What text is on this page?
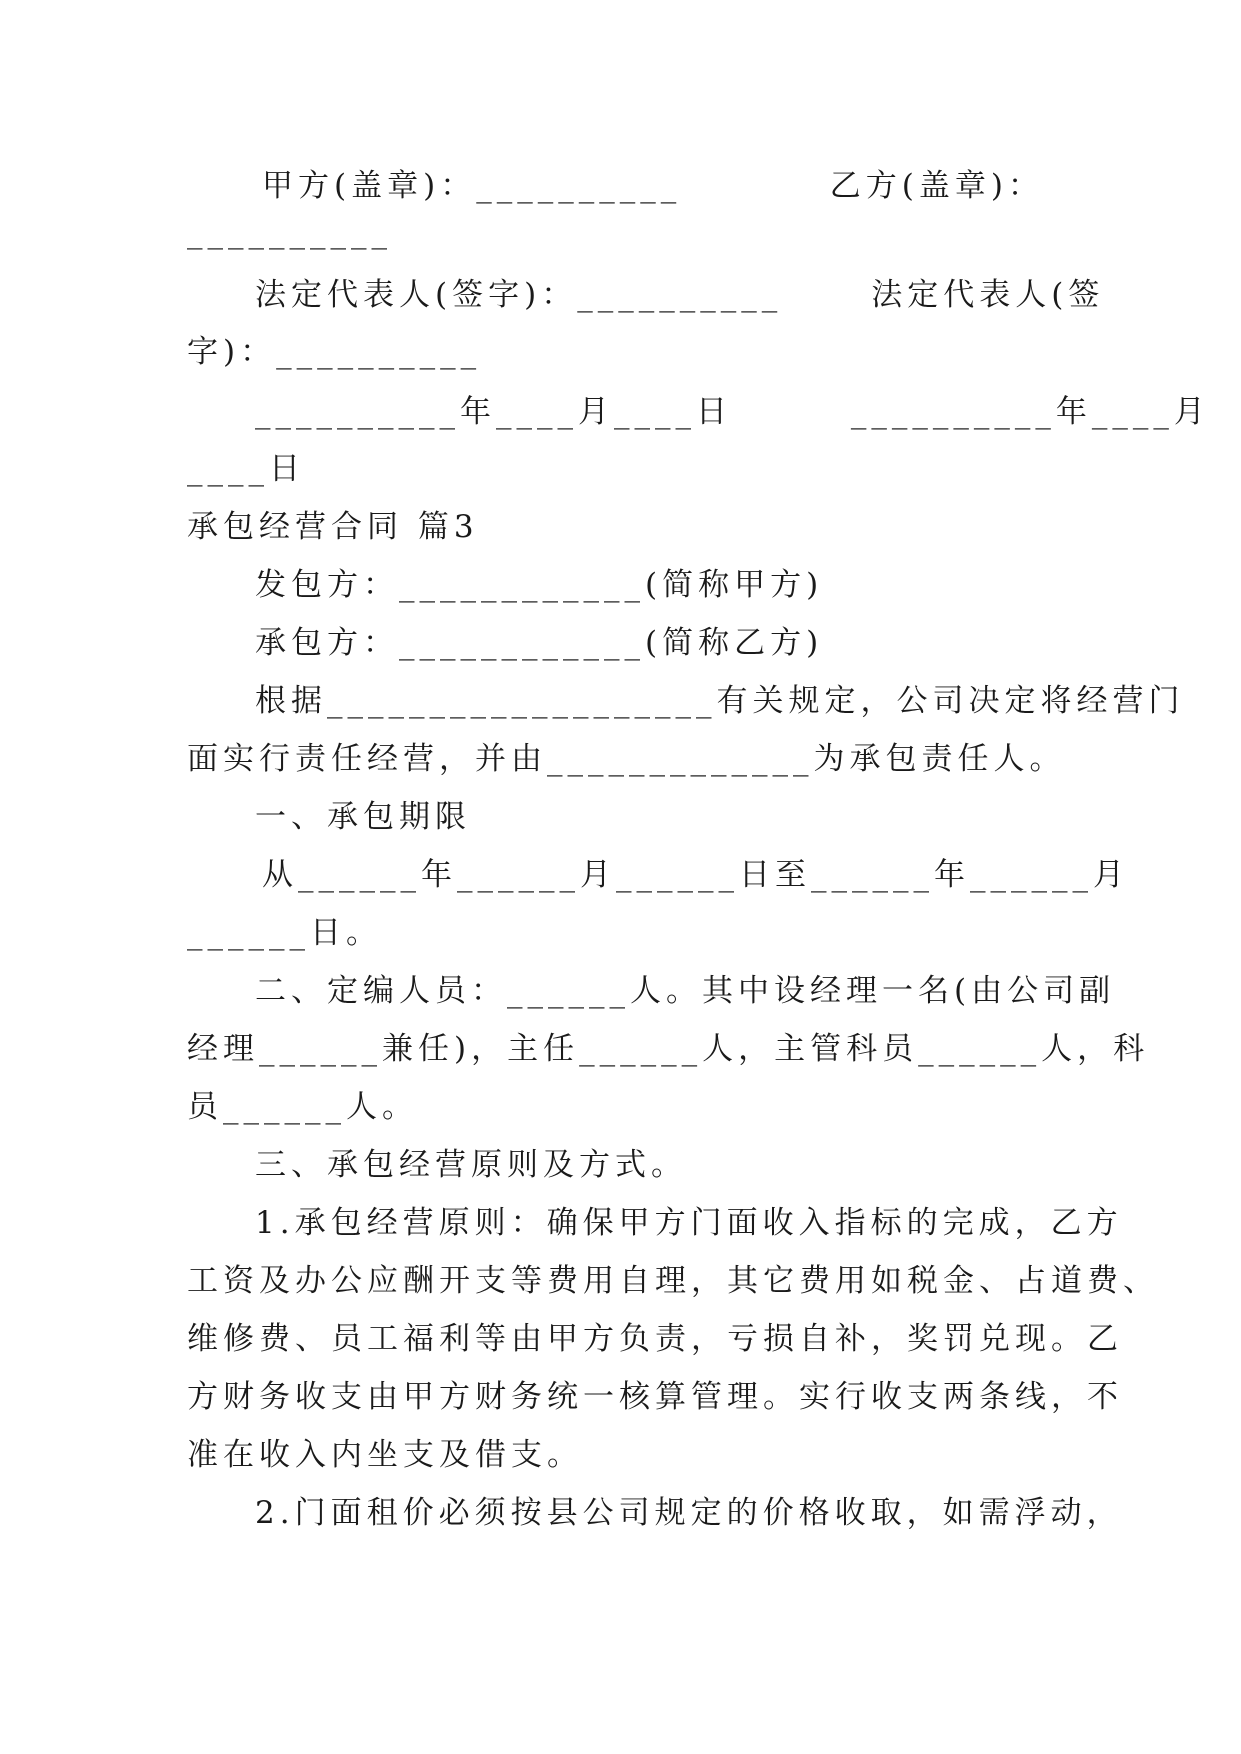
甲方(盖章)：__________          乙方(盖章)：
__________
法定代表人(签字)：__________      法定代表人(签
字)：__________
__________年____月____日        __________年____月
____日
承包经营合同 篇3
发包方：____________(简称甲方)
承包方：____________(简称乙方)
根据___________________有关规定，公司决定将经营门
面实行责任经营，并由_____________为承包责任人。
一、承包期限
从______年______月______日至______年______月
______日。
二、定编人员：______人。其中设经理一名(由公司副
经理______兼任)，主任______人，主管科员______人，科
员______人。
三、承包经营原则及方式。
1.承包经营原则：确保甲方门面收入指标的完成，乙方
工资及办公应酬开支等费用自理，其它费用如税金、占道费、
维修费、员工福利等由甲方负责，亏损自补，奖罚兑现。乙
方财务收支由甲方财务统一核算管理。实行收支两条线，不
准在收入内坐支及借支。
2.门面租价必须按县公司规定的价格收取，如需浮动，
